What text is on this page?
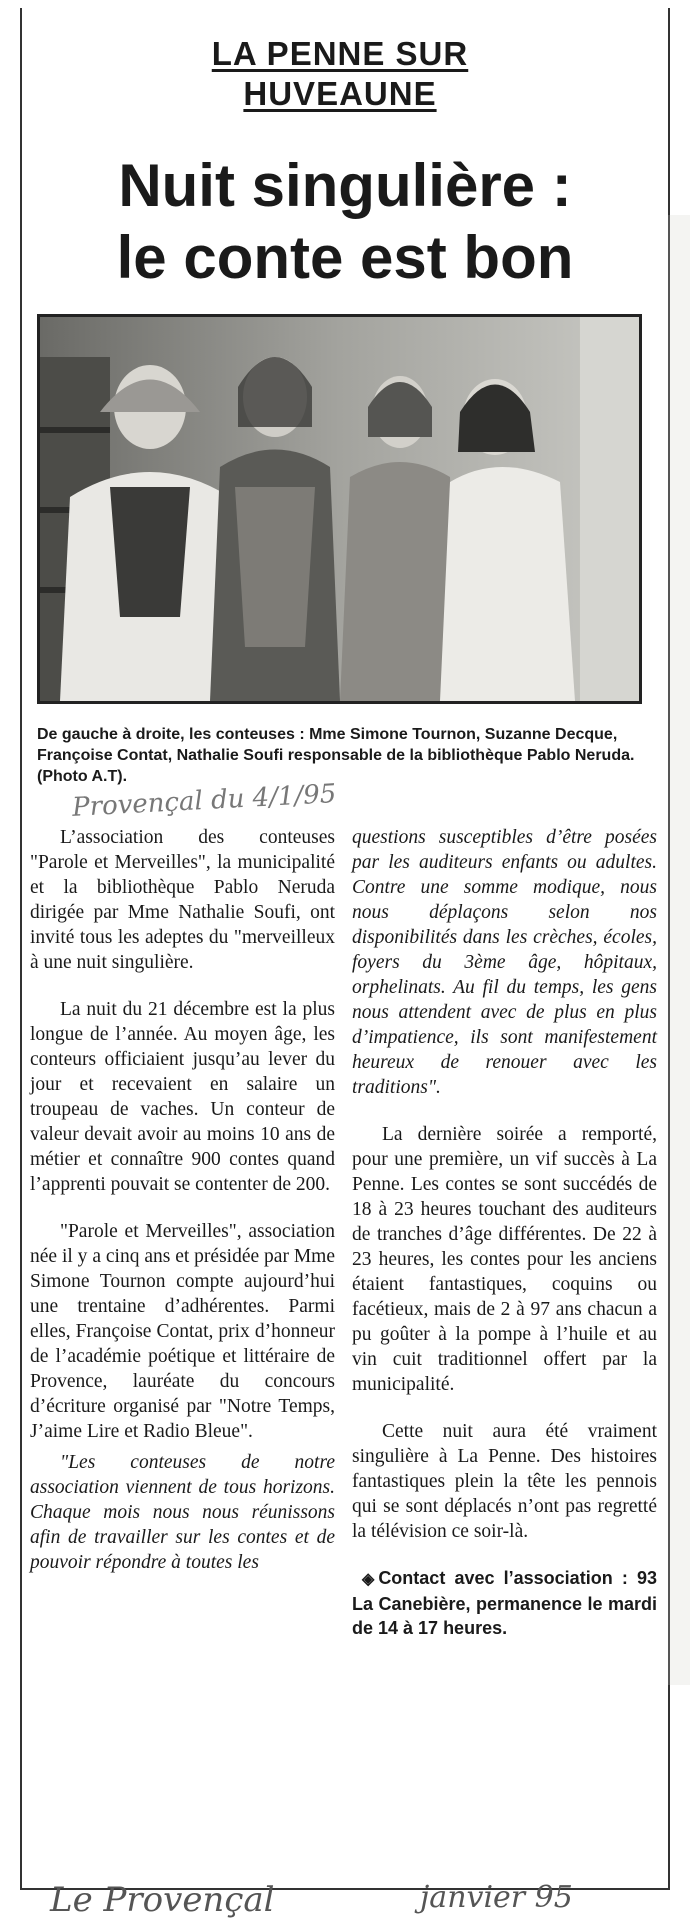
LA PENNE SUR
HUVEAUNE
Nuit singulière :
le conte est bon
De gauche à droite, les conteuses : Mme Simone Tournon, Suzanne Decque, Françoise Contat, Nathalie Soufi responsable de la bibliothèque Pablo Neruda. (Photo A.T).
Provençal du 4/1/95

L’association des conteuses "Parole et Merveilles", la municipalité et la bibliothèque Pablo Neruda dirigée par Mme Nathalie Soufi, ont invité tous les adeptes du "merveilleux à une nuit singulière.

La nuit du 21 décembre est la plus longue de l’année. Au moyen âge, les conteurs officiaient jusqu’au lever du jour et recevaient en salaire un troupeau de vaches. Un conteur de valeur devait avoir au moins 10 ans de métier et connaître 900 contes quand l’apprenti pouvait se contenter de 200.

"Parole et Merveilles", association née il y a cinq ans et présidée par Mme Simone Tournon compte aujourd’hui une trentaine d’adhérentes. Parmi elles, Françoise Contat, prix d’honneur de l’académie poétique et littéraire de Provence, lauréate du concours d’écriture organisé par "Notre Temps, J’aime Lire et Radio Bleue".

"Les conteuses de notre association viennent de tous horizons. Chaque mois nous nous réunissons afin de travailler sur les contes et de pouvoir répondre à toutes les

questions susceptibles d’être posées par les auditeurs enfants ou adultes. Contre une somme modique, nous nous déplaçons selon nos disponibilités dans les crèches, écoles, foyers du 3ème âge, hôpitaux, orphelinats. Au fil du temps, les gens nous attendent avec de plus en plus d’impatience, ils sont manifestement heureux de renouer avec les traditions".

La dernière soirée a remporté, pour une première, un vif succès à La Penne. Les contes se sont succédés de 18 à 23 heures touchant des auditeurs de tranches d’âge différentes. De 22 à 23 heures, les contes pour les anciens étaient fantastiques, coquins ou facétieux, mais de 2 à 97 ans chacun a pu goûter à la pompe à l’huile et au vin cuit traditionnel offert par la municipalité.

Cette nuit aura été vraiment singulière à La Penne. Des histoires fantastiques plein la tête les pennois qui se sont déplacés n’ont pas regretté la télévision ce soir-là.

◈ Contact avec l’association : 93 La Canebière, permanence le mardi de 14 à 17 heures.

Le Provençal	janvier 95
